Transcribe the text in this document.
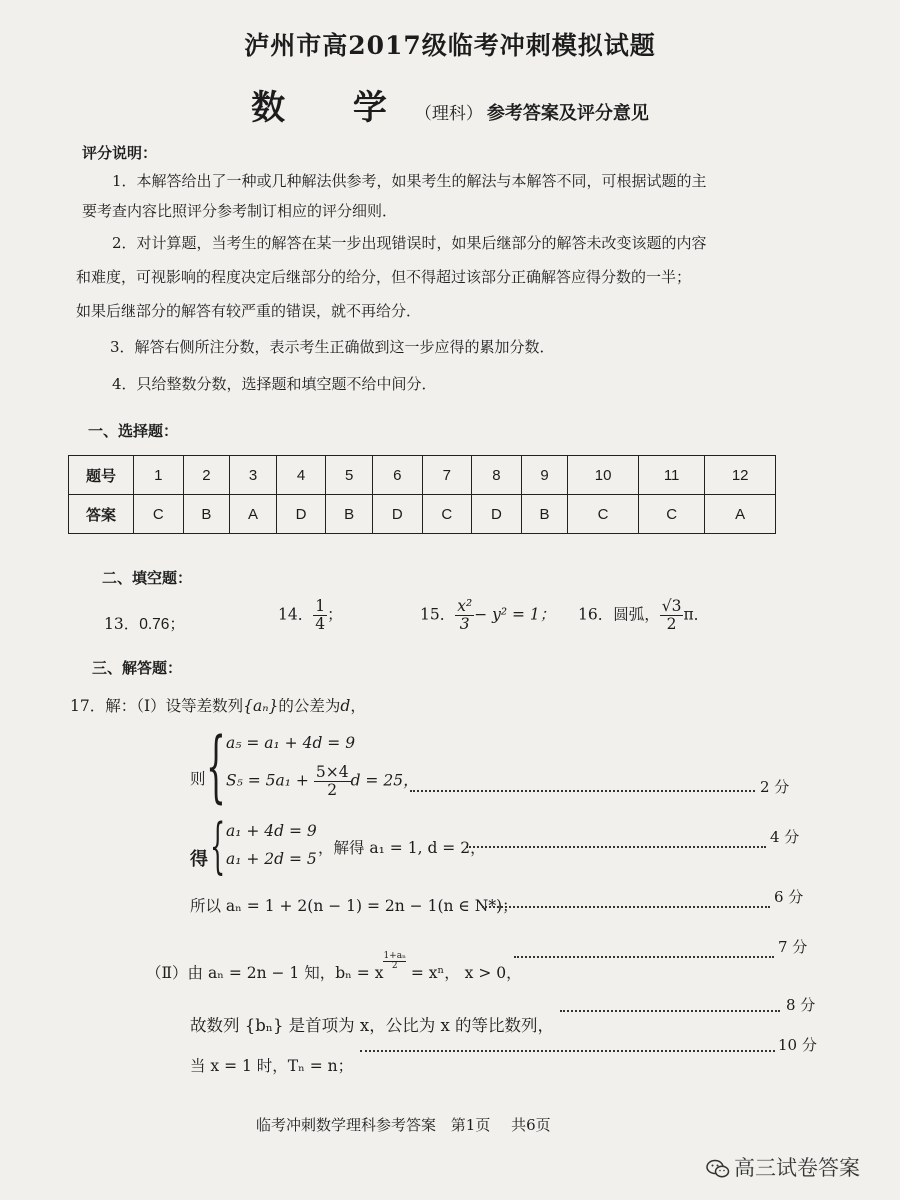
泸州市高2017级临考冲刺模拟试题
数 学（理科） 参考答案及评分意见
评分说明：
1．本解答给出了一种或几种解法供参考，如果考生的解法与本解答不同，可根据试题的主
要考查内容比照评分参考制订相应的评分细则．
2．对计算题，当考生的解答在某一步出现错误时，如果后继部分的解答未改变该题的内容
和难度，可视影响的程度决定后继部分的给分，但不得超过该部分正确解答应得分数的一半；
如果后继部分的解答有较严重的错误，就不再给分．
3．解答右侧所注分数，表示考生正确做到这一步应得的累加分数．
4．只给整数分数，选择题和填空题不给中间分．
一、选择题：
题号	1	2	3	4	5	6	7	8	9	10	11	12
答案	C	B	A	D	B	D	C	D	B	C	C	A
二、填空题：
13．0.76；
14． $\frac{1}{4}$ ；	15． $\frac{\text{x²}}{3} - y^2 = 1$； 16．圆弧， $\frac{√3}{2}$ π．
三、解答题：
17．解：（Ⅰ）设等差数列{aₙ}的公差为d，
则 { a₅ = a₁ + 4d = 9
$S_5 = 5a_1 + \frac{5\times 4}{2}$ d = 25，	2 分
得 { a₁ + 4d = 9
a₁ + 2d = 5
，解得 a₁ = 1, d = 2，
4 分
所以 aₙ = 1 + 2(n − 1) = 2n − 1(n ∈ N*)；	6 分
（Ⅱ）由 aₙ = 2n − 1 知，bₙ = x
$^{\frac{\text{1+aₙ}}{2}}$
= xⁿ， x > 0，
7 分
故数列 {bₙ} 是首项为 x，公比为 x 的等比数列，
8 分
当 x = 1 时，Tₙ = n；
10 分
临考冲刺数学理科参考答案 第1页 共6页
高三试卷答案
